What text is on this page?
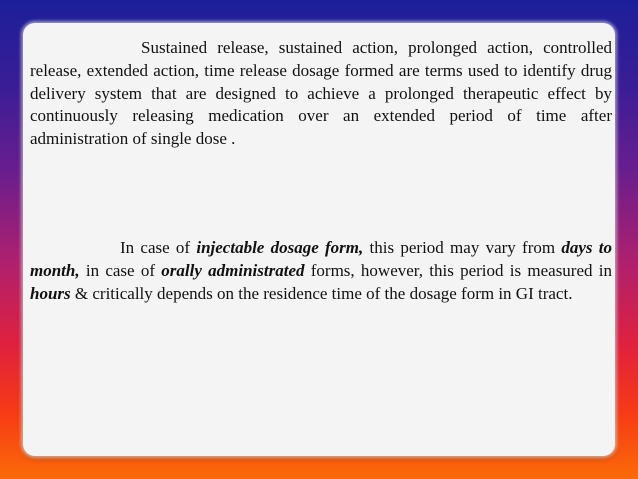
Sustained release, sustained action, prolonged action, controlled release, extended action, time release dosage formed are terms used to identify drug delivery system that are designed to achieve a prolonged therapeutic effect by continuously releasing medication over an extended period of time after administration of single dose .

In case of injectable dosage form, this period may vary from days to month, in case of orally administrated forms, however, this period is measured in hours & critically depends on the residence time of the dosage form in GI tract.
